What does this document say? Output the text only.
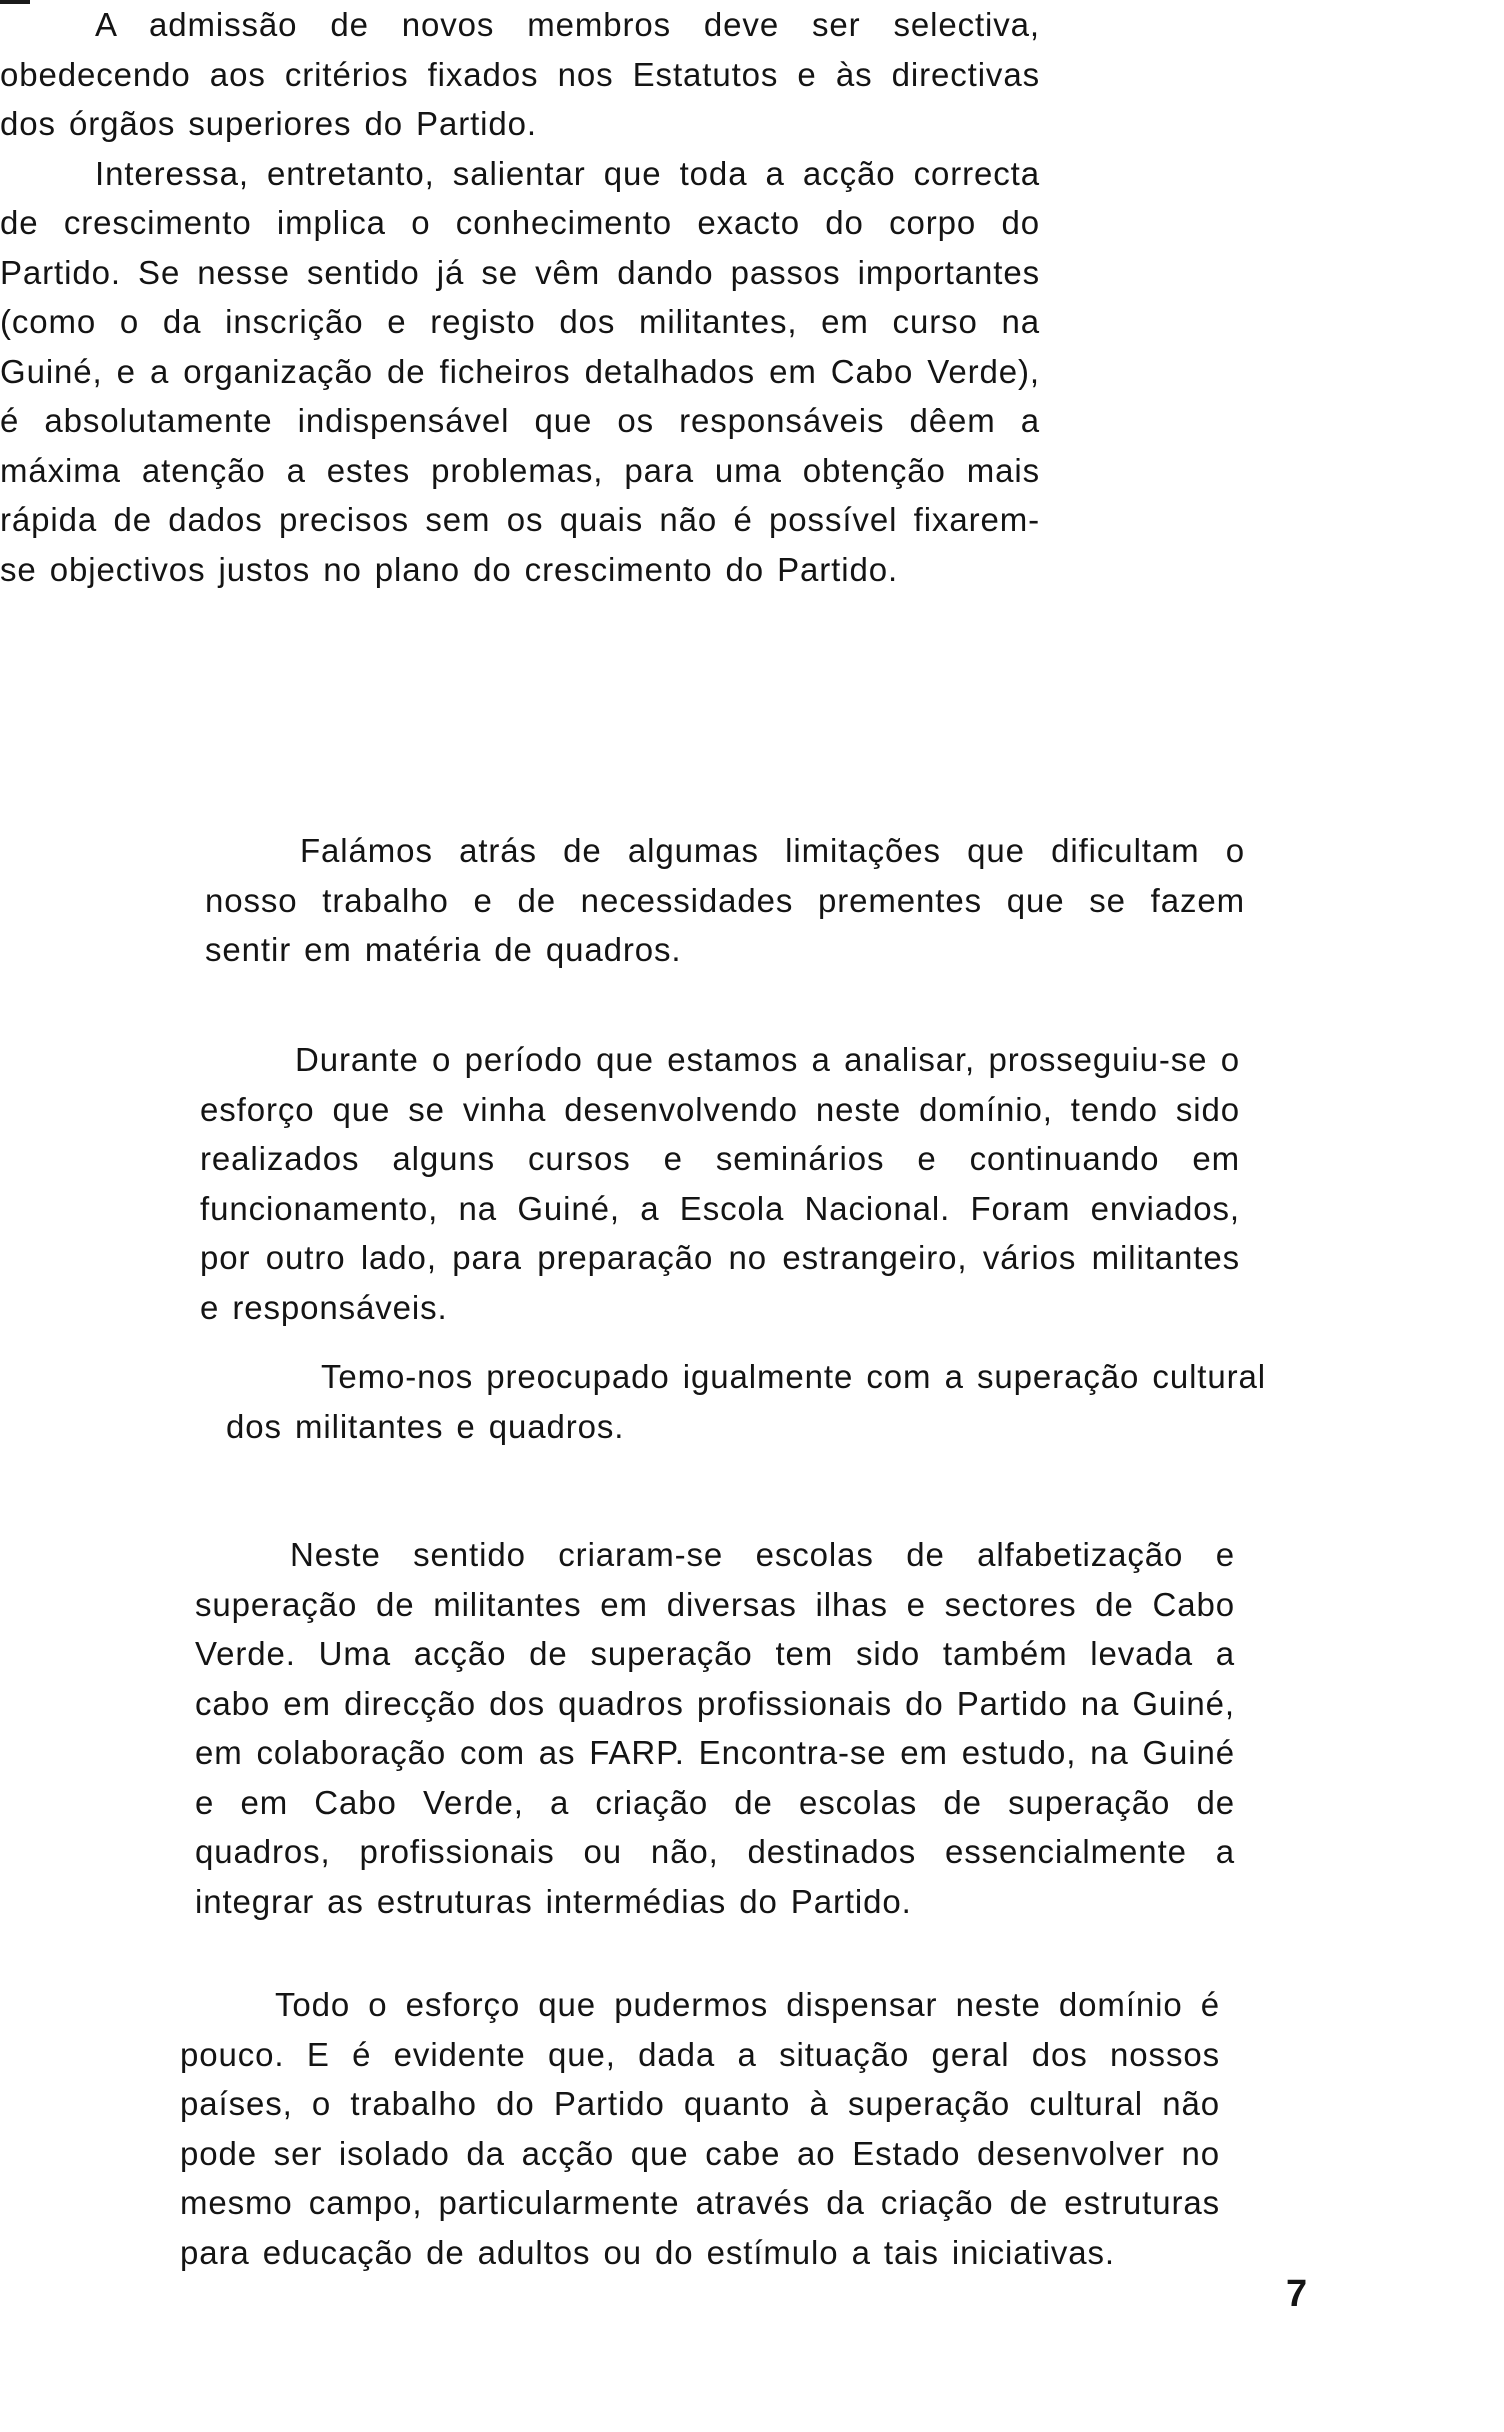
A admissão de novos membros deve ser selectiva, obedecendo aos critérios fixados nos Estatutos e às directivas dos órgãos superiores do Partido.

Interessa, entretanto, salientar que toda a acção correcta de crescimento implica o conhecimento exacto do corpo do Partido. Se nesse sentido já se vêm dando passos importantes (como o da inscrição e registo dos militantes, em curso na Guiné, e a organização de ficheiros detalhados em Cabo Verde), é absolutamente indispensável que os responsáveis dêem a máxima atenção a estes problemas, para uma obtenção mais rápida de dados precisos sem os quais não é possível fixarem-se objectivos justos no plano do crescimento do Partido.

Falámos atrás de algumas limitações que dificultam o nosso trabalho e de necessidades prementes que se fazem sentir em matéria de quadros.

Durante o período que estamos a analisar, prosseguiu-se o esforço que se vinha desenvolvendo neste domínio, tendo sido realizados alguns cursos e seminários e continuando em funcionamento, na Guiné, a Escola Nacional. Foram enviados, por outro lado, para preparação no estrangeiro, vários militantes e responsáveis.

Temo-nos preocupado igualmente com a superação cultural dos militantes e quadros.

Neste sentido criaram-se escolas de alfabetização e superação de militantes em diversas ilhas e sectores de Cabo Verde. Uma acção de superação tem sido também levada a cabo em direcção dos quadros profissionais do Partido na Guiné, em colaboração com as FARP. Encontra-se em estudo, na Guiné e em Cabo Verde, a criação de escolas de superação de quadros, profissionais ou não, destinados essencialmente a integrar as estruturas intermédias do Partido.

Todo o esforço que pudermos dispensar neste domínio é pouco. E é evidente que, dada a situação geral dos nossos países, o trabalho do Partido quanto à superação cultural não pode ser isolado da acção que cabe ao Estado desenvolver no mesmo campo, particularmente através da criação de estruturas para educação de adultos ou do estímulo a tais iniciativas.

7
